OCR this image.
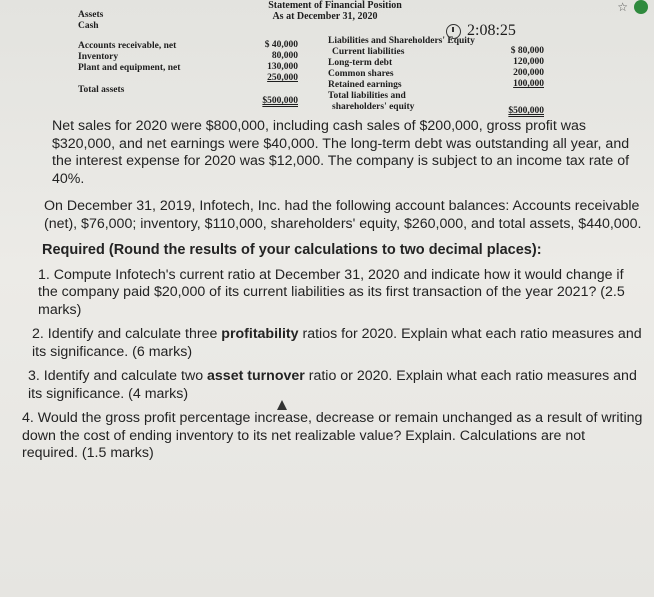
Statement of Financial Position
As at December 31, 2020
Assets
Cash
Accounts receivable, net
Inventory
Plant and equipment, net
Total assets
$ 40,000
80,000
130,000
250,000
$500,000
Liabilities and Shareholders' Equity
Current liabilities
Long-term debt
Common shares
Retained earnings
Total liabilities and
shareholders' equity
$ 80,000
120,000
200,000
100,000
$500,000
2:08:25
☆

Net sales for 2020 were $800,000, including cash sales of $200,000, gross profit was $320,000, and net earnings were $40,000. The long-term debt was outstanding all year, and the interest expense for 2020 was $12,000. The company is subject to an income tax rate of 40%.

On December 31, 2019, Infotech, Inc. had the following account balances: Accounts receivable (net), $76,000; inventory, $110,000, shareholders' equity, $260,000, and total assets, $440,000.

Required (Round the results of your calculations to two decimal places):

1. Compute Infotech's current ratio at December 31, 2020 and indicate how it would change if the company paid $20,000 of its current liabilities as its first transaction of the year 2021? (2.5 marks)

2. Identify and calculate three profitability ratios for 2020. Explain what each ratio measures and its significance. (6 marks)

3. Identify and calculate two asset turnover ratio or 2020. Explain what each ratio measures and its significance. (4 marks)

4. Would the gross profit percentage increase, decrease or remain unchanged as a result of writing down the cost of ending inventory to its net realizable value? Explain. Calculations are not required. (1.5 marks)
